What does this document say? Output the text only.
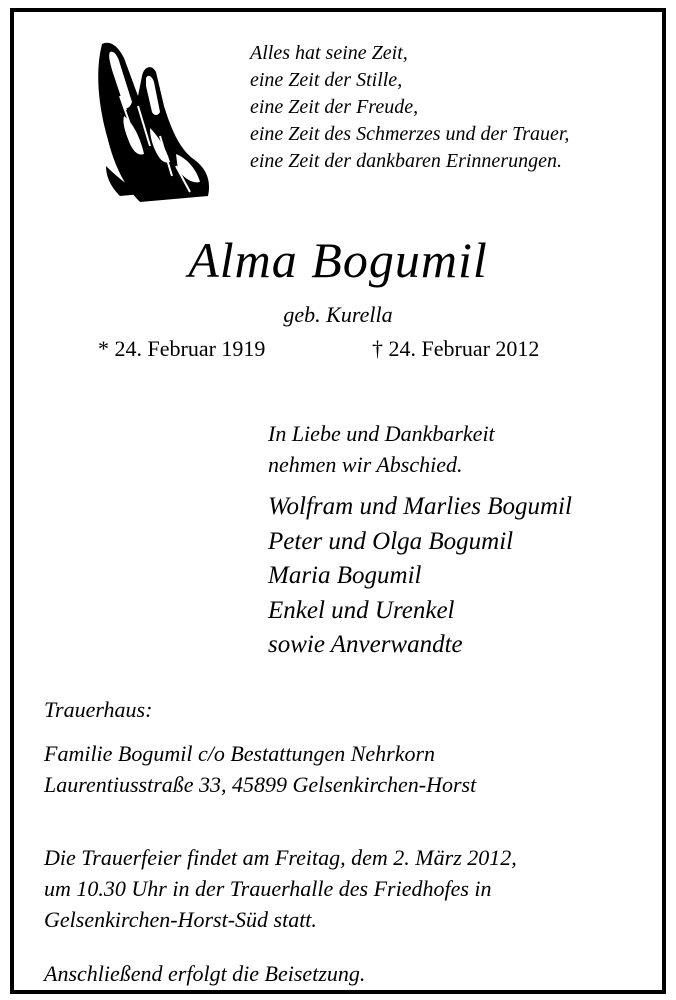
Alles hat seine Zeit,
eine Zeit der Stille,
eine Zeit der Freude,
eine Zeit des Schmerzes und der Trauer,
eine Zeit der dankbaren Erinnerungen.
Alma Bogumil
geb. Kurella
* 24. Februar 1919	† 24. Februar 2012
In Liebe und Dankbarkeit
nehmen wir Abschied.
Wolfram und Marlies Bogumil
Peter und Olga Bogumil
Maria Bogumil
Enkel und Urenkel
sowie Anverwandte
Trauerhaus:
Familie Bogumil c/o Bestattungen Nehrkorn
Laurentiusstraße 33, 45899 Gelsenkirchen-Horst
Die Trauerfeier findet am Freitag, dem 2. März 2012,
um 10.30 Uhr in der Trauerhalle des Friedhofes in
Gelsenkirchen-Horst-Süd statt.
Anschließend erfolgt die Beisetzung.
